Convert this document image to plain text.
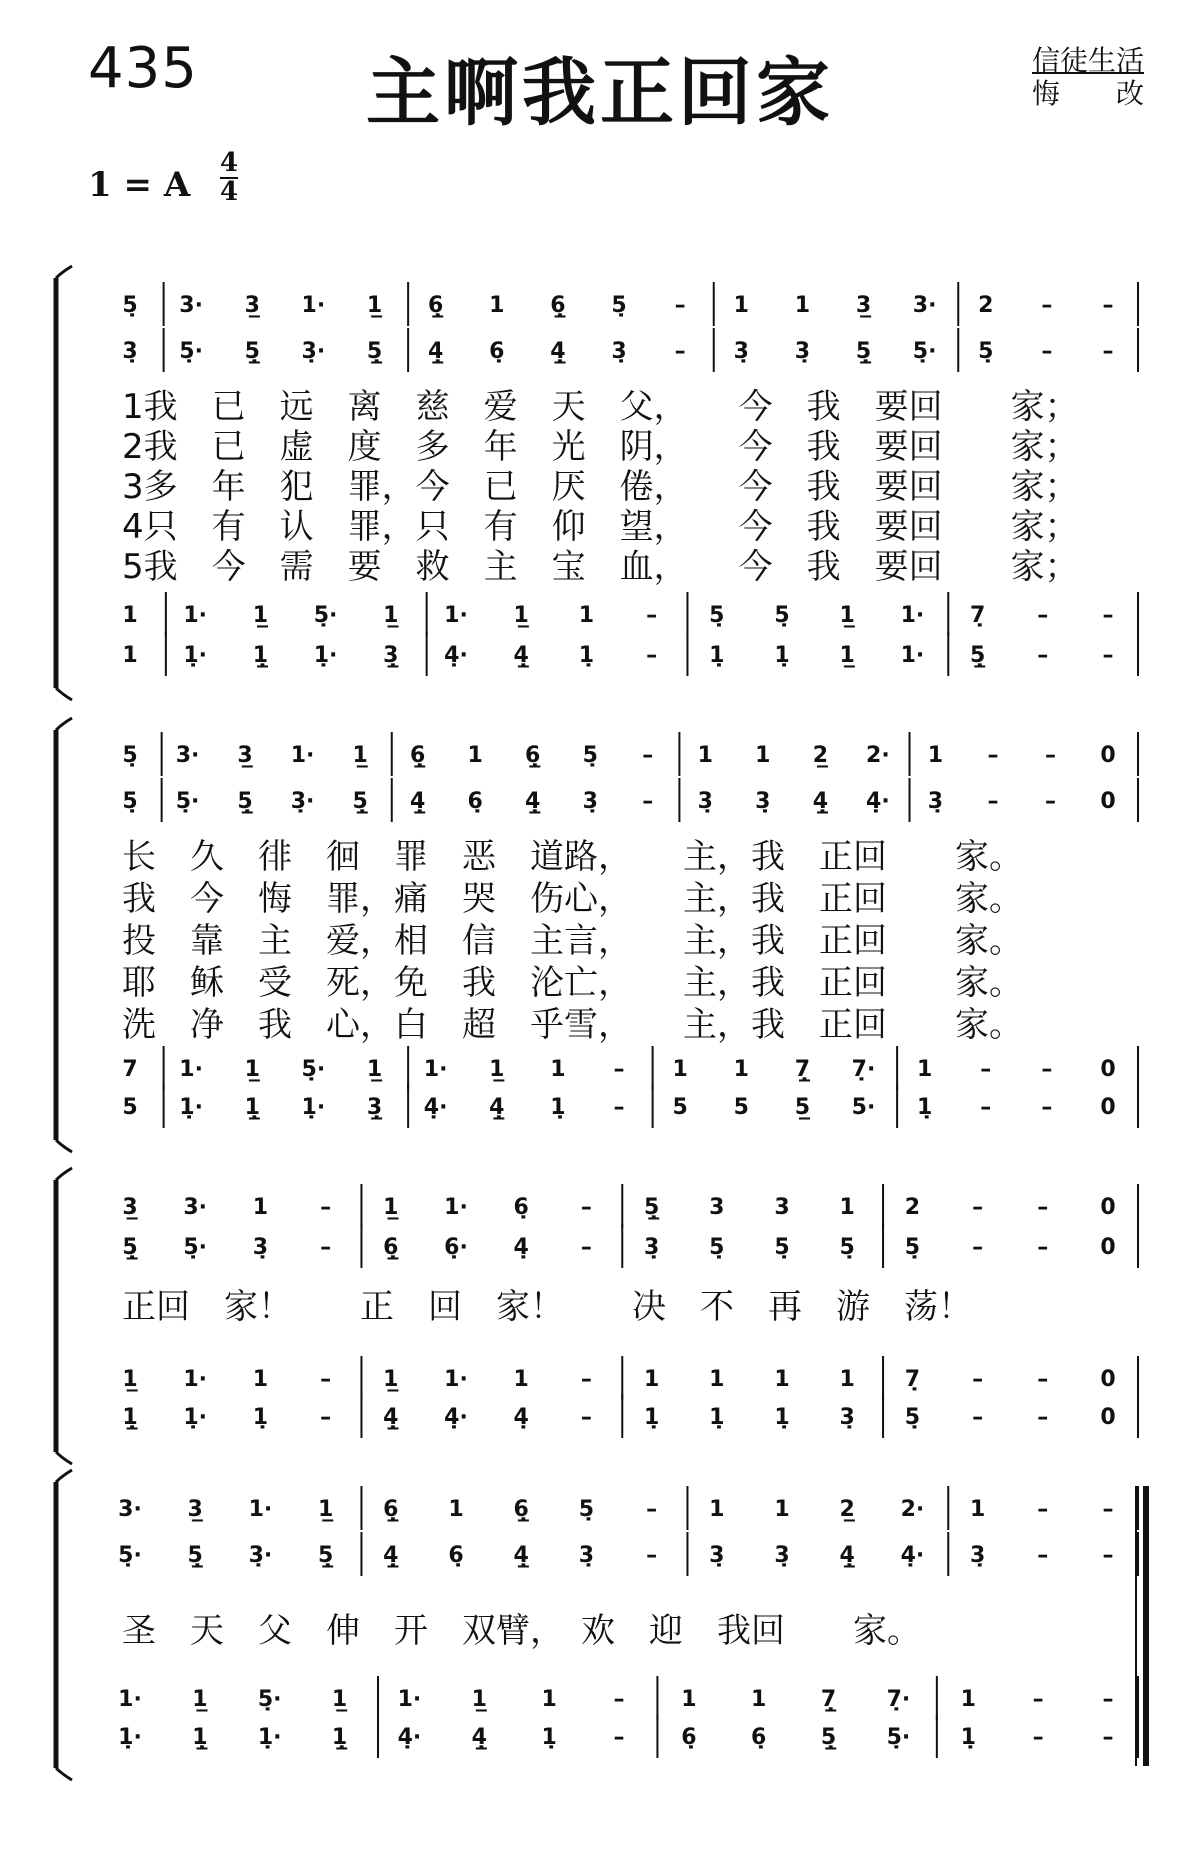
435	主啊我正回家	信徒生活
悔 改
1 = A
4
4
5̣ 3· 3̲ 1· 1̲ 6̲̣ 1 6̲̣ 5̣ – 1 1 3̲ 3· 2 – –
3̣ 5̣· 5̲̣ 3̣· 5̲̣ 4̲̣ 6̣ 4̲̣ 3̣ – 3̣ 3̣ 5̲̣ 5̣· 5̣ – –
1我　已　远　离　慈　爱　天　父，　　今　我　要回　　家；
2我　已　虚　度　多　年　光　阴，　　今　我　要回　　家；
3多　年　犯　罪，今　已　厌　倦，　　今　我　要回　　家；
4只　有　认　罪，只　有　仰　望，　　今　我　要回　　家；
5我　今　需　要　救　主　宝　血，　　今　我　要回　　家；
1 1· 1̲ 5̣· 1̲ 1· 1̲ 1 – 5̣ 5̣ 1̲ 1· 7̣ – –
1 1̣· 1̲̣ 1̣· 3̲̣ 4̣· 4̲̣ 1̣ – 1̣ 1̣ 1̲ 1· 5̲̣ – –
5̣ 3· 3̲ 1· 1̲ 6̲̣ 1 6̲̣ 5̣ – 1 1 2̲ 2· 1 – – 0
5̣ 5̣· 5̲̣ 3̣· 5̲̣ 4̲̣ 6̣ 4̲̣ 3̣ – 3̣ 3̣ 4̲̣ 4̣· 3̣ – – 0
长　久　徘　徊　罪　恶　道路，　　主，我　正回　　家。
我　今　悔　罪，痛　哭　伤心，　　主，我　正回　　家。
投　靠　主　爱，相　信　主言，　　主，我　正回　　家。
耶　稣　受　死，免　我　沦亡，　　主，我　正回　　家。
洗　净　我　心，白　超　乎雪，　　主，我　正回　　家。
7 1· 1̲ 5̣· 1̲ 1· 1̲ 1 – 1 1 7̲̣ 7̣· 1 – – 0
5 1̣· 1̲̣ 1̣· 3̲̣ 4̣· 4̲̣ 1̣ – 5 5 5̲ 5· 1̣ – – 0
3̲ 3· 1 – 1̲ 1· 6̣ – 5̲̣ 3 3 1 2 – – 0
5̲̣ 5̣· 3̣ – 6̲̣ 6̣· 4̣ – 3̣ 5̣ 5̣ 5̣ 5̣ – – 0
正回　家！　　正　回　家！　　决　不　再　游　荡！
1̲ 1· 1 – 1̲ 1· 1 – 1 1 1 1 7̣ – – 0
1̲̣ 1̣· 1̣ – 4̲̣ 4̣· 4̣ – 1̣ 1̣ 1̣ 3̣ 5̣ – – 0
3· 3̲ 1· 1̲ 6̲̣ 1 6̲̣ 5̣ – 1 1 2̲ 2· 1 – –
5̣· 5̲̣ 3̣· 5̲̣ 4̲̣ 6̣ 4̲̣ 3̣ – 3̣ 3̣ 4̲̣ 4̣· 3̣ – –
圣　天　父　伸　开　双臂，　欢　迎　我回　　家。
1· 1̲ 5̣· 1̲ 1· 1̲ 1	–	1 1 7̲̣ 7̣· 1	–	–
1̣· 1̲̣ 1̣· 1̲̣ 4̣· 4̲̣ 1̣	–	6̣ 6̣ 5̲̣ 5̣· 1̣	–	–
